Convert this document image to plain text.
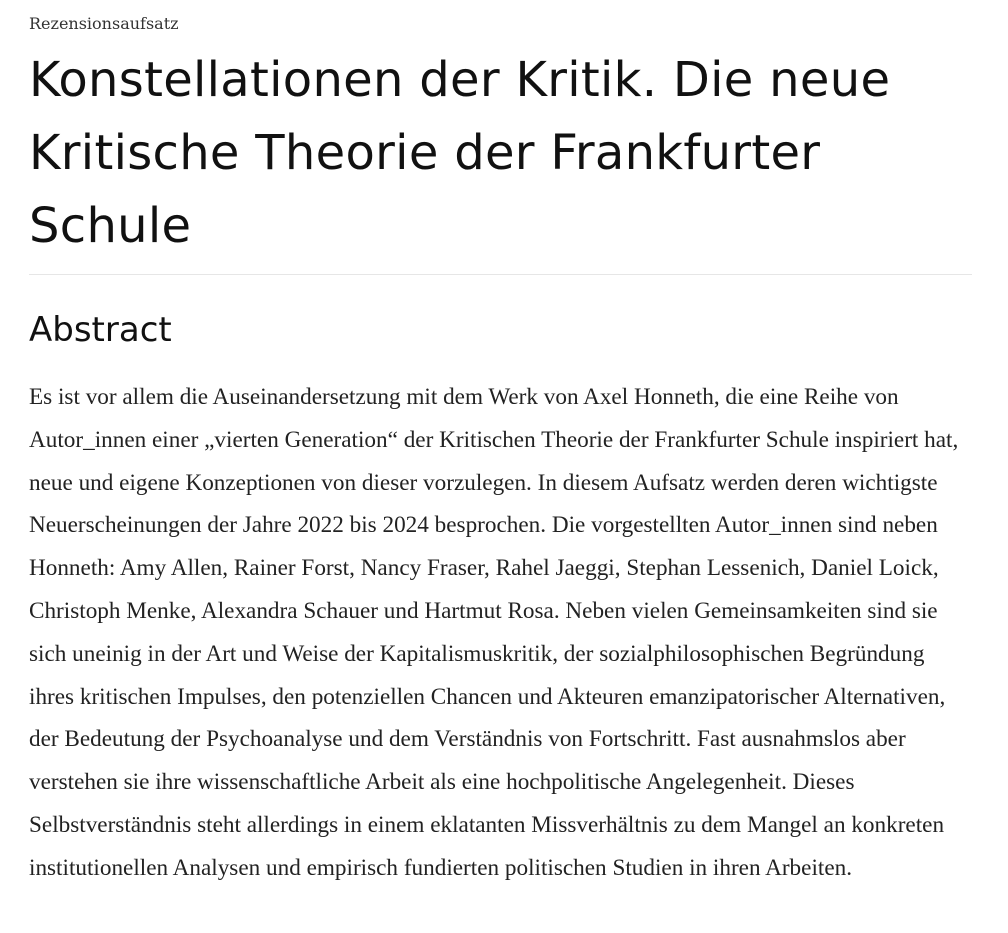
Rezensionsaufsatz
Konstellationen der Kritik. Die neue Kritische Theorie der Frankfurter Schule
Abstract

Es ist vor allem die Auseinandersetzung mit dem Werk von Axel Honneth, die eine Reihe von Autor_innen einer „vierten Generation“ der Kritischen Theorie der Frankfurter Schule inspiriert hat, neue und eigene Konzeptionen von dieser vorzulegen. In diesem Aufsatz werden deren wichtigste Neuerscheinungen der Jahre 2022 bis 2024 besprochen. Die vorgestellten Autor_innen sind neben Honneth: Amy Allen, Rainer Forst, Nancy Fraser, Rahel Jaeggi, Stephan Lessenich, Daniel Loick, Christoph Menke, Alexandra Schauer und Hartmut Rosa. Neben vielen Gemeinsamkeiten sind sie sich uneinig in der Art und Weise der Kapitalismuskritik, der sozialphilosophischen Begründung ihres kritischen Impulses, den potenziellen Chancen und Akteuren emanzipatorischer Alternativen, der Bedeutung der Psychoanalyse und dem Verständnis von Fortschritt. Fast ausnahmslos aber verstehen sie ihre wissenschaftliche Arbeit als eine hochpolitische Angelegenheit. Dieses Selbstverständnis steht allerdings in einem eklatanten Missverhältnis zu dem Mangel an konkreten institutionellen Analysen und empirisch fundierten politischen Studien in ihren Arbeiten.
